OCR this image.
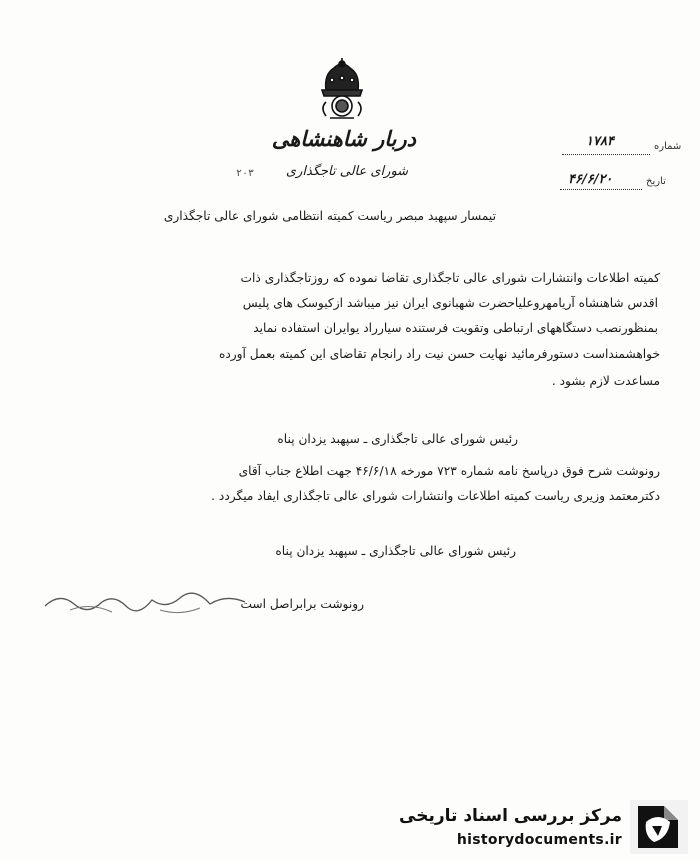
دربار شاهنشاهی
شورای عالی تاجگذاری
۲۰۳
شماره
۱۷۸۴
تاریخ
۴۶/۶/۲۰
تیمسار سپهبد مبصر ریاست کمیته انتظامی شورای عالی تاجگذاری
کمیته اطلاعات وانتشارات شورای عالی تاجگذاری تقاضا نموده که روزتاجگذاری ذات
اقدس شاهنشاه آریامهروعلیاحضرت شهبانوی ایران نیز میباشد ازکیوسک های پلیس
بمنظورنصب دستگاههای ارتباطی وتقویت فرستنده سیارراد یوایران استفاده نماید
خواهشمنداست دستورفرمائید نهایت حسن نیت راد رانجام تقاضای این کمیته بعمل آورده
مساعدت لازم بشود .
رئیس شورای عالی تاجگذاری ـ سپهبد یزدان پناه
رونوشت شرح فوق درپاسخ نامه شماره ۷۲۳ مورخه ۴۶/۶/۱۸ جهت اطلاع جناب آقای
دکترمعتمد وزیری ریاست کمیته اطلاعات وانتشارات شورای عالی تاجگذاری ایفاد میگردد .
رئیس شورای عالی تاجگذاری ـ سپهبد یزدان پناه
رونوشت برابراصل است
مرکز بررسی اسناد تاریخی
historydocuments.ir
